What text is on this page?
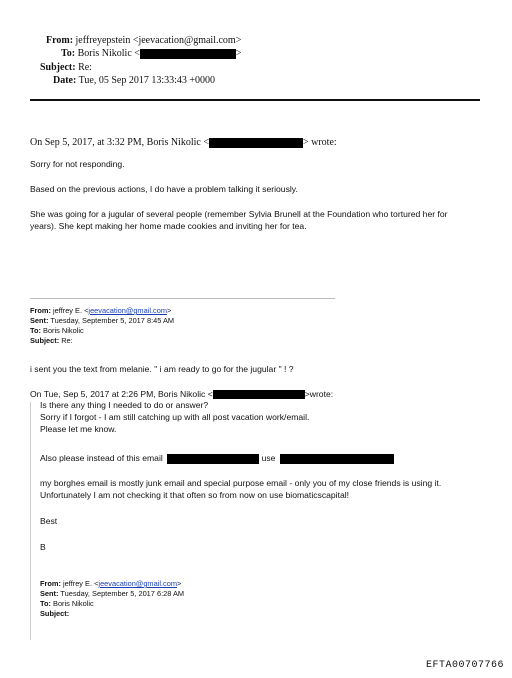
From: jeffreyepstein <jeevacation@gmail.com>
To: Boris Nikolic <	>
Subject: Re:
Date: Tue, 05 Sep 2017 13:33:43 +0000
On Sep 5, 2017, at 3:32 PM, Boris Nikolic <	> wrote:
Sorry for not responding.
Based on the previous actions, I do have a problem talking it seriously.
She was going for a jugular of several people (remember Sylvia Brunell at the Foundation who tortured her for
years). She kept making her home made cookies and inviting her for tea.
From: jeffrey E. <jeevacation@gmail.com>
Sent: Tuesday, September 5, 2017 8:45 AM
To: Boris Nikolic
Subject: Re:
i sent you the text from melanie. " i am ready to go for the jugular " ! ?
On Tue, Sep 5, 2017 at 2:26 PM, Boris Nikolic <	>wrote:
Is there any thing I needed to do or answer?
Sorry if I forgot - I am still catching up with all post vacation work/email.
Please let me know.
Also please instead of this email	use
my borghes email is mostly junk email and special purpose email - only you of my close friends is using it.
Unfortunately I am not checking it that often so from now on use biomaticscapital!
Best
B
From: jeffrey E. <jeevacation@gmail.com>
Sent: Tuesday, September 5, 2017 6:28 AM
To: Boris Nikolic
Subject:
EFTA00707766
